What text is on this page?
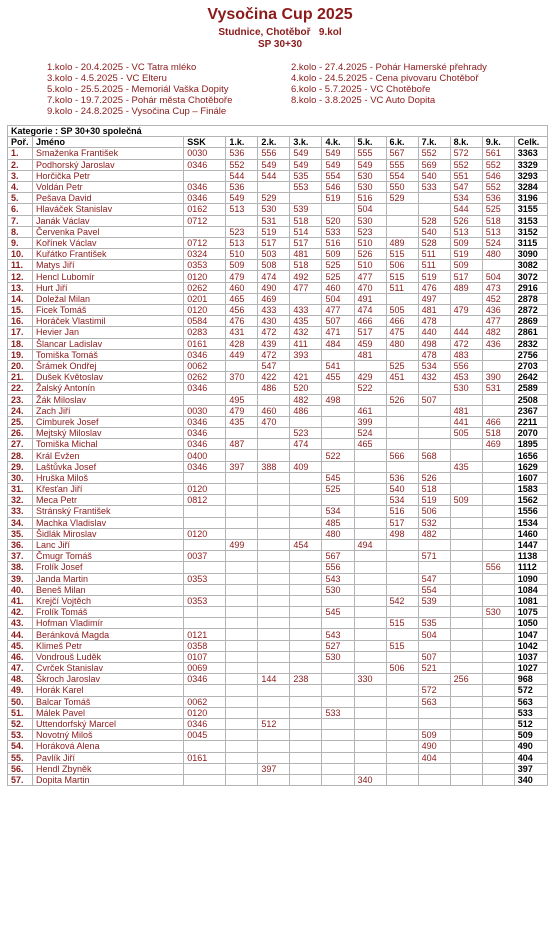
Vysočina Cup 2025
Studnice, Chotěboř 9.kol
SP 30+30
1.kolo - 20.4.2025 - VC Tatra mléko	2.kolo - 27.4.2025 - Pohár Hamerské přehrady
3.kolo - 4.5.2025 - VC Elteru	4.kolo - 24.5.2025 - Cena pivovaru Chotěboř
5.kolo - 25.5.2025 - Memoriál Vaška Dopity	6.kolo - 5.7.2025 - VC Chotěboře
7.kolo - 19.7.2025 - Pohár města Chotěboře	8.kolo - 3.8.2025 - VC Auto Dopita
9.kolo - 24.8.2025 - Vysočina Cup – Finále
Kategorie : SP 30+30 společná												
Poř.	Jméno	SSK	1.k.	2.k.	3.k.	4.k.	5.k.	6.k.	7.k.	8.k.	9.k.	Celk.
1.	Smaženka František	0030	536	556	549	549	555	567	552	572	561	3363
2.	Podhorský Jaroslav	0346	552	549	549	549	549	555	569	552	552	3329
3.	Horčička Petr		544	544	535	554	530	554	540	551	546	3293
4.	Voldán Petr	0346	536		553	546	530	550	533	547	552	3284
5.	Pešava David	0346	549	529		519	516	529		534	536	3196
6.	Hlaváček Stanislav	0162	513	530	539		504			544	525	3155
7.	Janák Václav	0712		531	518	520	530		528	526	518	3153
8.	Červenka Pavel		523	519	514	533	523		540	513	513	3152
9.	Kořínek Václav	0712	513	517	517	516	510	489	528	509	524	3115
10.	Kuřátko František	0324	510	503	481	509	526	515	511	519	480	3090
11.	Matys Jiří	0353	509	508	518	525	510	506	511	509		3082
12.	Hencl Lubomír	0120	479	474	492	525	477	515	519	517	504	3072
13.	Hurt Jiří	0262	460	490	477	460	470	511	476	489	473	2916
14.	Doležal Milan	0201	465	469		504	491		497		452	2878
15.	Ficek Tomáš	0120	456	433	433	477	474	505	481	479	436	2872
16.	Horáček Vlastimil	0584	476	430	435	507	466	466	478		477	2869
17.	Hevier Jan	0283	431	472	432	471	517	475	440	444	482	2861
18.	Šlancar Ladislav	0161	428	439	411	484	459	480	498	472	436	2832
19.	Tomiška Tomáš	0346	449	472	393		481		478	483		2756
20.	Šrámek Ondřej	0062		547		541		525	534	556		2703
21.	Dušek Květoslav	0262	370	422	421	455	429	451	432	453	390	2642
22.	Žalský Antonín	0346		486	520		522			530	531	2589
23.	Žák Miloslav		495		482	498		526	507			2508
24.	Zach Jiří	0030	479	460	486		461			481		2367
25.	Cimburek Josef	0346	435	470			399			441	466	2211
26.	Mejtský Miloslav	0346			523		524			505	518	2070
27.	Tomiška Michal	0346	487		474		465				469	1895
28.	Král Evžen	0400				522		566	568			1656
29.	Laštůvka Josef	0346	397	388	409					435		1629
30.	Hruška Miloš					545		536	526			1607
31.	Křesťan Jiří	0120				525		540	518			1583
32.	Meca Petr	0812						534	519	509		1562
33.	Stránský František					534		516	506			1556
34.	Machka Vladislav					485		517	532			1534
35.	Šidlák Miroslav	0120				480		498	482			1460
36.	Lanc Jiří		499		454		494					1447
37.	Čmugr Tomáš	0037				567			571			1138
38.	Frolík Josef					556					556	1112
39.	Janda Martin	0353				543			547			1090
40.	Beneš Milan					530			554			1084
41.	Krejčí Vojtěch	0353						542	539			1081
42.	Frolík Tomáš					545					530	1075
43.	Hofman Vladimír							515	535			1050
44.	Beránková Magda	0121				543			504			1047
45.	Klimeš Petr	0358				527		515				1042
46.	Vondrouš Luděk	0107				530			507			1037
47.	Cvrček Stanislav	0069						506	521			1027
48.	Škroch Jaroslav	0346		144	238		330			256		968
49.	Horák Karel								572			572
50.	Balcar Tomáš	0062							563			563
51.	Málek Pavel	0120				533						533
52.	Uttendorfský Marcel	0346		512								512
53.	Novotný Miloš	0045							509			509
54.	Horáková Alena								490			490
55.	Pavlík Jiří	0161							404			404
56.	Hendl Zbyněk			397								397
57.	Dopita Martin						340					340
